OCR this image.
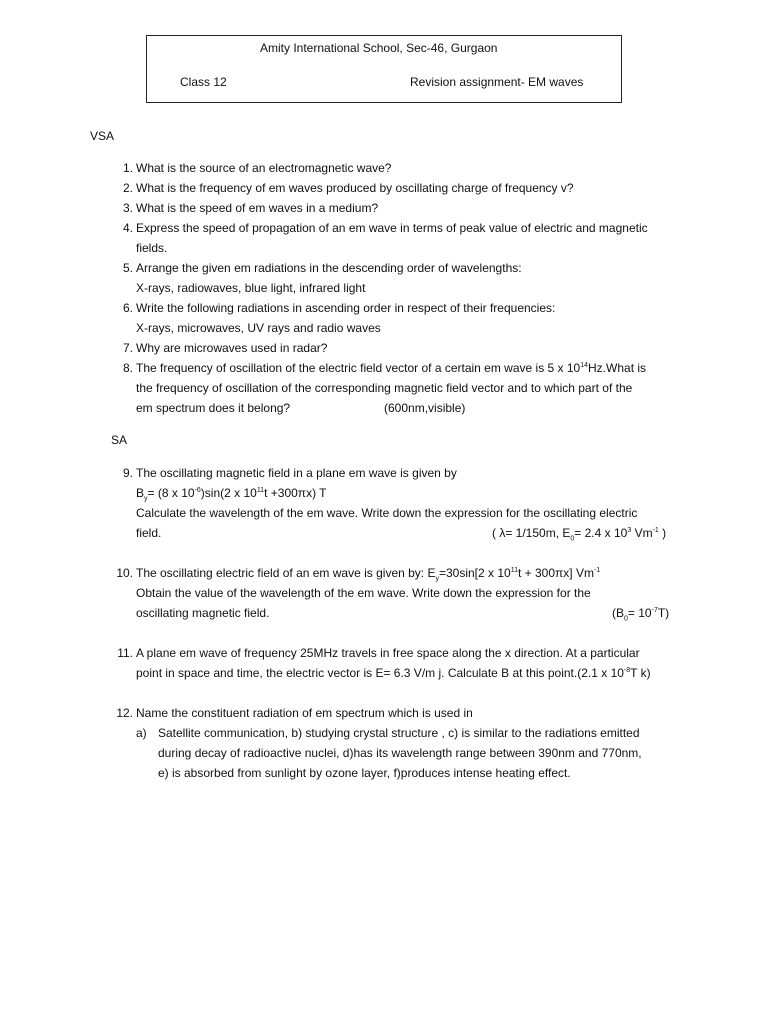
Amity International School, Sec-46, Gurgaon
Class 12	Revision assignment- EM waves
VSA
1. What is the source of an electromagnetic wave?
2. What is the frequency of em waves produced by oscillating charge of frequency v?
3. What is the speed of em waves in a medium?
4. Express the speed of propagation of an em wave in terms of peak value of electric and magnetic
fields.
5. Arrange the given em radiations in the descending order of wavelengths:
X-rays, radiowaves, blue light, infrared light
6. Write the following radiations in ascending order in respect of their frequencies:
X-rays, microwaves, UV rays and radio waves
7. Why are microwaves used in radar?
8. The frequency of oscillation of the electric field vector of a certain em wave is 5 x $10^{14}Hz.What$ is
the frequency of oscillation of the corresponding magnetic field vector and to which part of the
em spectrum does it belong?	(600nm,visible)
SA
9. The oscillating magnetic field in a plane em wave is given by
$B_y= (8$ x $10^{-6})\sin(2$ x $10^{11}t +300\pi x$) T
Calculate the wavelength of the em wave. Write down the expression for the oscillating electric
field.	( λ= 1/150m, $E_0= 2.4$ x $10^3$ $Vm^{-1}$ )
10. The oscillating electric field of an em wave is given by: $E_y=30\sin[2$ x $10^{11}t + 300\pi x$] $Vm^{-1}$
Obtain the value of the wavelength of the em wave. Write down the expression for the
oscillating magnetic field.	$(B_0= 10^{-7}T)$
11. A plane em wave of frequency 25MHz travels in free space along the x direction. At a particular
point in space and time, the electric vector is E= 6.3 V/m j. Calculate B at this point.(2.1 x $10^{-8}T$ k)
12. Name the constituent radiation of em spectrum which is used in
a) Satellite communication, b) studying crystal structure , c) is similar to the radiations emitted
during decay of radioactive nuclei, d)has its wavelength range between 390nm and 770nm,
e) is absorbed from sunlight by ozone layer, f)produces intense heating effect.
